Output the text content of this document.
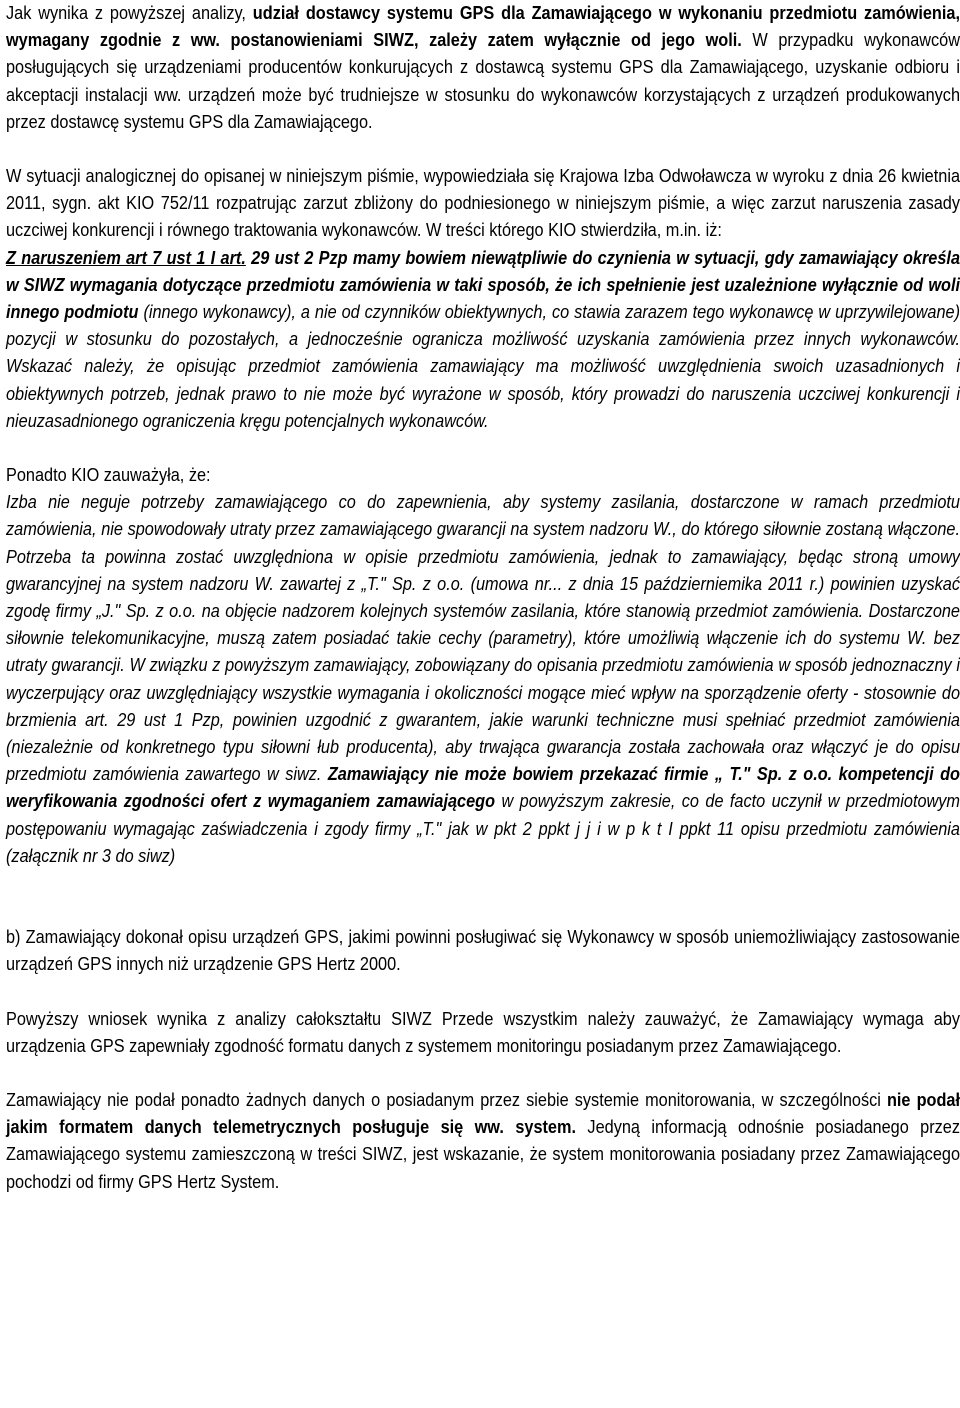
Jak wynika z powyższej analizy, udział dostawcy systemu GPS dla Zamawiającego w wykonaniu przedmiotu zamówienia, wymagany zgodnie z ww. postanowieniami SIWZ, zależy zatem wyłącznie od jego woli. W przypadku wykonawców posługujących się urządzeniami producentów konkurujących z dostawcą systemu GPS dla Zamawiającego, uzyskanie odbioru i akceptacji instalacji ww. urządzeń może być trudniejsze w stosunku do wykonawców korzystających z urządzeń produkowanych przez dostawcę systemu GPS dla Zamawiającego.

W sytuacji analogicznej do opisanej w niniejszym piśmie, wypowiedziała się Krajowa Izba Odwoławcza w wyroku z dnia 26 kwietnia 2011, sygn. akt KIO 752/11 rozpatrując zarzut zbliżony do podniesionego w niniejszym piśmie, a więc zarzut naruszenia zasady uczciwej konkurencji i równego traktowania wykonawców. W treści którego KIO stwierdziła, m.in. iż:

Z naruszeniem art 7 ust 1 I art. 29 ust 2 Pzp mamy bowiem niewątpliwie do czynienia w sytuacji, gdy zamawiający określa w SIWZ wymagania dotyczące przedmiotu zamówienia w taki sposób, że ich spełnienie jest uzależnione wyłącznie od woli innego podmiotu (innego wykonawcy), a nie od czynników obiektywnych, co stawia zarazem tego wykonawcę w uprzywilejowane) pozycji w stosunku do pozostałych, a jednocześnie ogranicza możliwość uzyskania zamówienia przez innych wykonawców. Wskazać należy, że opisując przedmiot zamówienia zamawiający ma możliwość uwzględnienia swoich uzasadnionych i obiektywnych potrzeb, jednak prawo to nie może być wyrażone w sposób, który prowadzi do naruszenia uczciwej konkurencji i nieuzasadnionego ograniczenia kręgu potencjalnych wykonawców.

Ponadto KIO zauważyła, że:

Izba nie neguje potrzeby zamawiającego co do zapewnienia, aby systemy zasilania, dostarczone w ramach przedmiotu zamówienia, nie spowodowały utraty przez zamawiającego gwarancji na system nadzoru W., do którego siłownie zostaną włączone. Potrzeba ta powinna zostać uwzględniona w opisie przedmiotu zamówienia, jednak to zamawiający, będąc stroną umowy gwarancyjnej na system nadzoru W. zawartej z „T." Sp. z o.o. (umowa nr... z dnia 15 październiemika 2011 r.) powinien uzyskać zgodę firmy „J." Sp. z o.o. na objęcie nadzorem kolejnych systemów zasilania, które stanowią przedmiot zamówienia. Dostarczone siłownie telekomunikacyjne, muszą zatem posiadać takie cechy (parametry), które umożliwią włączenie ich do systemu W. bez utraty gwarancji. W związku z powyższym zamawiający, zobowiązany do opisania przedmiotu zamówienia w sposób jednoznaczny i wyczerpujący oraz uwzględniający wszystkie wymagania i okoliczności mogące mieć wpływ na sporządzenie oferty - stosownie do brzmienia art. 29 ust 1 Pzp, powinien uzgodnić z gwarantem, jakie warunki techniczne musi spełniać przedmiot zamówienia (niezależnie od konkretnego typu siłowni łub producenta), aby trwająca gwarancja została zachowała oraz włączyć je do opisu przedmiotu zamówienia zawartego w siwz. Zamawiający nie może bowiem przekazać firmie „ T." Sp. z o.o. kompetencji do weryfikowania zgodności ofert z wymaganiem zamawiającego w powyższym zakresie, co de facto uczynił w przedmiotowym postępowaniu wymagając zaświadczenia i zgody firmy „T." jak w pkt 2 ppkt j j i w p k t I ppkt 11 opisu przedmiotu zamówienia (załącznik nr 3 do siwz)

b) Zamawiający dokonał opisu urządzeń GPS, jakimi powinni posługiwać się Wykonawcy w sposób uniemożliwiający zastosowanie urządzeń GPS innych niż urządzenie GPS Hertz 2000.

Powyższy wniosek wynika z analizy całokształtu SIWZ Przede wszystkim należy zauważyć, że Zamawiający wymaga aby urządzenia GPS zapewniały zgodność formatu danych z systemem monitoringu posiadanym przez Zamawiającego.

Zamawiający nie podał ponadto żadnych danych o posiadanym przez siebie systemie monitorowania, w szczególności nie podał jakim formatem danych telemetrycznych posługuje się ww. system. Jedyną informacją odnośnie posiadanego przez Zamawiającego systemu zamieszczoną w treści SIWZ, jest wskazanie, że system monitorowania posiadany przez Zamawiającego pochodzi od firmy GPS Hertz System.
